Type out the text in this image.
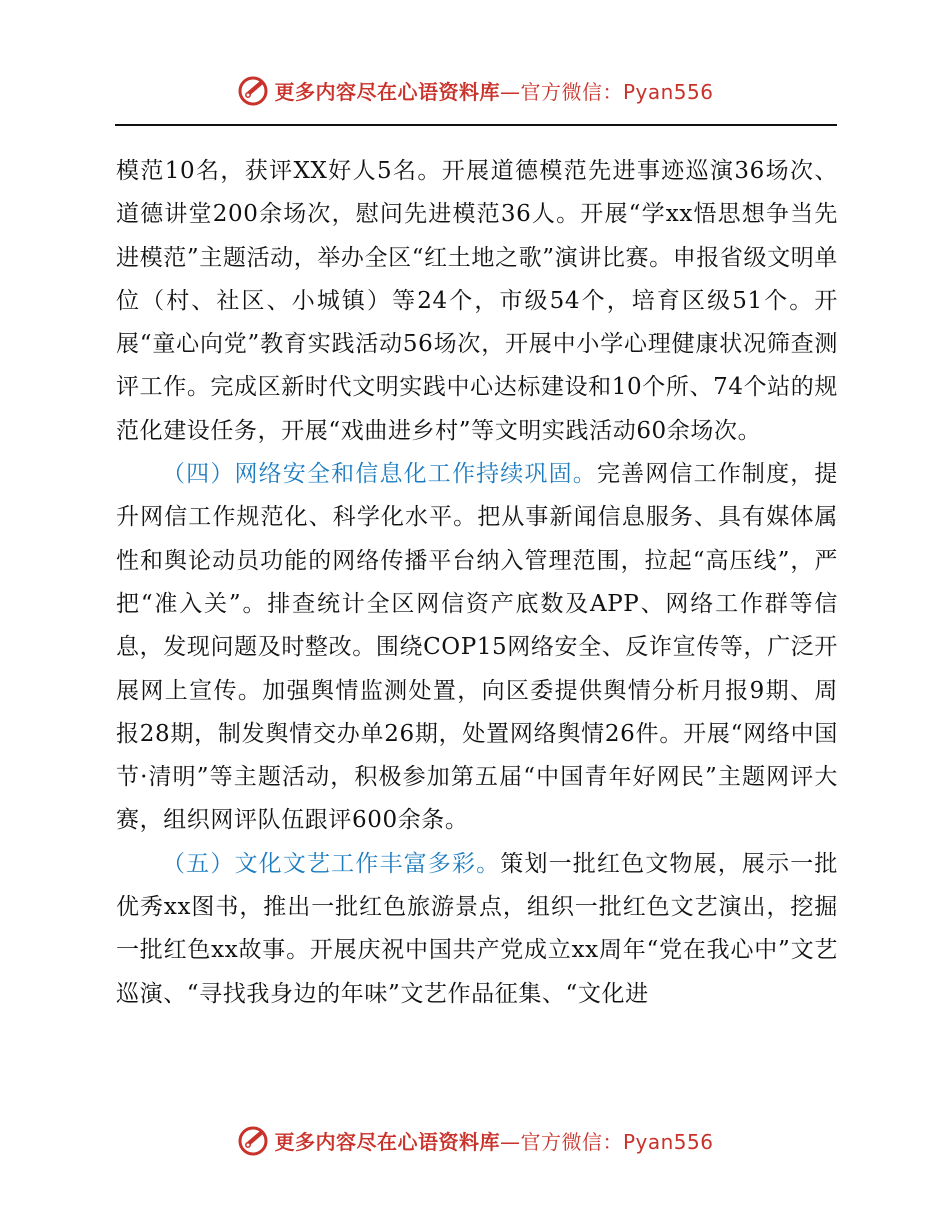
更多内容尽在心语资料库—官方微信：Pyan556

模范10名，获评XX好人5名。开展道德模范先进事迹巡演36场次、道德讲堂200余场次，慰问先进模范36人。开展“学xx悟思想争当先进模范”主题活动，举办全区“红土地之歌”演讲比赛。申报省级文明单位（村、社区、小城镇）等24个，市级54个，培育区级51个。开展“童心向党”教育实践活动56场次，开展中小学心理健康状况筛查测评工作。完成区新时代文明实践中心达标建设和10个所、74个站的规范化建设任务，开展“戏曲进乡村”等文明实践活动60余场次。

（四）网络安全和信息化工作持续巩固。完善网信工作制度，提升网信工作规范化、科学化水平。把从事新闻信息服务、具有媒体属性和舆论动员功能的网络传播平台纳入管理范围，拉起“高压线”，严把“准入关”。排查统计全区网信资产底数及APP、网络工作群等信息，发现问题及时整改。围绕COP15网络安全、反诈宣传等，广泛开展网上宣传。加强舆情监测处置，向区委提供舆情分析月报9期、周报28期，制发舆情交办单26期，处置网络舆情26件。开展“网络中国节·清明”等主题活动，积极参加第五届“中国青年好网民”主题网评大赛，组织网评队伍跟评600余条。

（五）文化文艺工作丰富多彩。策划一批红色文物展，展示一批优秀xx图书，推出一批红色旅游景点，组织一批红色文艺演出，挖掘一批红色xx故事。开展庆祝中国共产党成立xx周年“党在我心中”文艺巡演、“寻找我身边的年味”文艺作品征集、“文化进

更多内容尽在心语资料库—官方微信：Pyan556
